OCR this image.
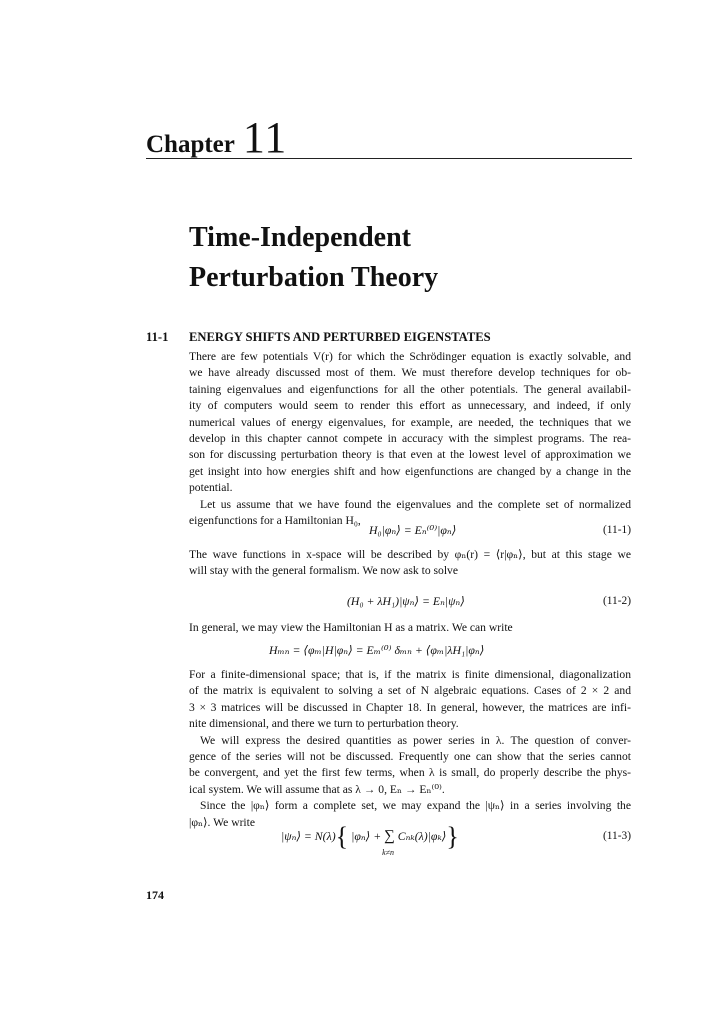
Chapter 11
Time-Independent
Perturbation Theory
11-1 ENERGY SHIFTS AND PERTURBED EIGENSTATES
There are few potentials V(r) for which the Schrödinger equation is exactly solvable, and
we have already discussed most of them. We must therefore develop techniques for ob-
taining eigenvalues and eigenfunctions for all the other potentials. The general availabil-
ity of computers would seem to render this effort as unnecessary, and indeed, if only
numerical values of energy eigenvalues, for example, are needed, the techniques that we
develop in this chapter cannot compete in accuracy with the simplest programs. The rea-
son for discussing perturbation theory is that even at the lowest level of approximation we
get insight into how energies shift and how eigenfunctions are changed by a change in the
potential.
Let us assume that we have found the eigenvalues and the complete set of normalized
eigenfunctions for a Hamiltonian H₀,
H₀|φₙ⟩ = Eₙ⁽⁰⁾|φₙ⟩	(11-1)
The wave functions in x-space will be described by φₙ(r) = ⟨r|φₙ⟩, but at this stage we
will stay with the general formalism. We now ask to solve
(H₀ + λH₁)|ψₙ⟩ = Eₙ|ψₙ⟩	(11-2)
In general, we may view the Hamiltonian H as a matrix. We can write
Hₘₙ = ⟨φₘ|H|φₙ⟩ = Eₘ⁽⁰⁾ δₘₙ + ⟨φₘ|λH₁|φₙ⟩
For a finite-dimensional space; that is, if the matrix is finite dimensional, diagonalization
of the matrix is equivalent to solving a set of N algebraic equations. Cases of 2 × 2 and
3 × 3 matrices will be discussed in Chapter 18. In general, however, the matrices are infi-
nite dimensional, and there we turn to perturbation theory.
We will express the desired quantities as power series in λ. The question of conver-
gence of the series will not be discussed. Frequently one can show that the series cannot
be convergent, and yet the first few terms, when λ is small, do properly describe the phys-
ical system. We will assume that as λ → 0, Eₙ → Eₙ⁽⁰⁾.
Since the |φₙ⟩ form a complete set, we may expand the |ψₙ⟩ in a series involving the
|φₙ⟩. We write
|ψₙ⟩ = N(λ){ |φₙ⟩ + ∑
k≠n
Cₙₖ(λ)|φₖ⟩}	(11-3)
174
